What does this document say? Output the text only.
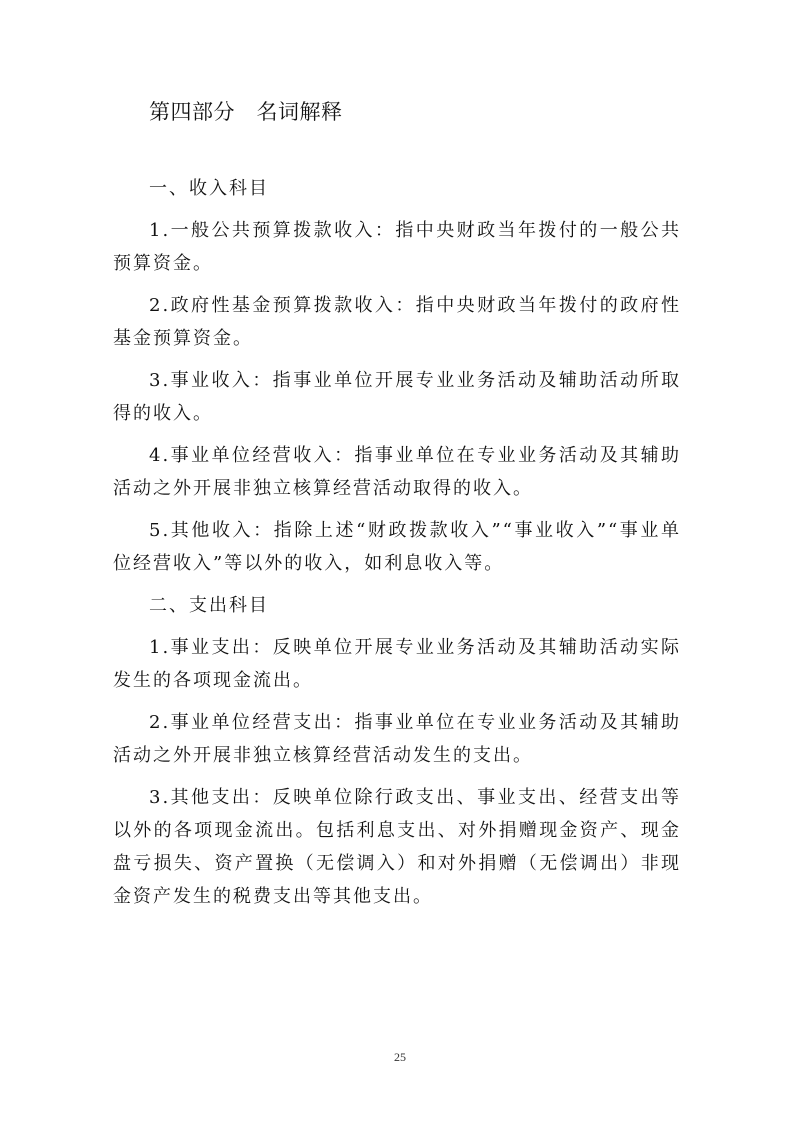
第四部分　名词解释

一、收入科目

1.一般公共预算拨款收入：指中央财政当年拨付的一般公共预算资金。

2.政府性基金预算拨款收入：指中央财政当年拨付的政府性基金预算资金。

3.事业收入：指事业单位开展专业业务活动及辅助活动所取得的收入。

4.事业单位经营收入：指事业单位在专业业务活动及其辅助活动之外开展非独立核算经营活动取得的收入。

5.其他收入：指除上述“财政拨款收入”“事业收入”“事业单位经营收入”等以外的收入，如利息收入等。

二、支出科目

1.事业支出：反映单位开展专业业务活动及其辅助活动实际发生的各项现金流出。

2.事业单位经营支出：指事业单位在专业业务活动及其辅助活动之外开展非独立核算经营活动发生的支出。

3.其他支出：反映单位除行政支出、事业支出、经营支出等以外的各项现金流出。包括利息支出、对外捐赠现金资产、现金盘亏损失、资产置换（无偿调入）和对外捐赠（无偿调出）非现金资产发生的税费支出等其他支出。

25
